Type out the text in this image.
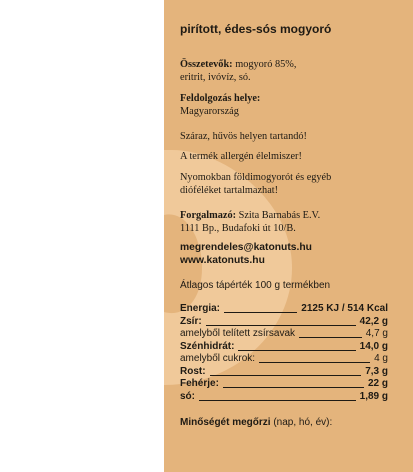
pirított, édes-sós mogyoró
Összetevők: mogyoró 85%,
eritrit, ivóvíz, só.
Feldolgozás helye:
Magyarország
Száraz, hűvös helyen tartandó!
A termék allergén élelmiszer!
Nyomokban földimogyorót és egyéb
dióféléket tartalmazhat!
Forgalmazó: Szita Barnabás E.V.
1111 Bp., Budafoki út 10/B.
megrendeles@katonuts.hu
www.katonuts.hu
Átlagos tápérték 100 g termékben
Energia:	2125 KJ / 514 Kcal
Zsír:	42,2 g
amelyből telített zsírsavak	4,7 g
Szénhidrát:	14,0 g
amelyből cukrok:	4 g
Rost:	7,3 g
Fehérje:	22 g
só:	1,89 g
Minőségét megőrzi (nap, hó, év):
